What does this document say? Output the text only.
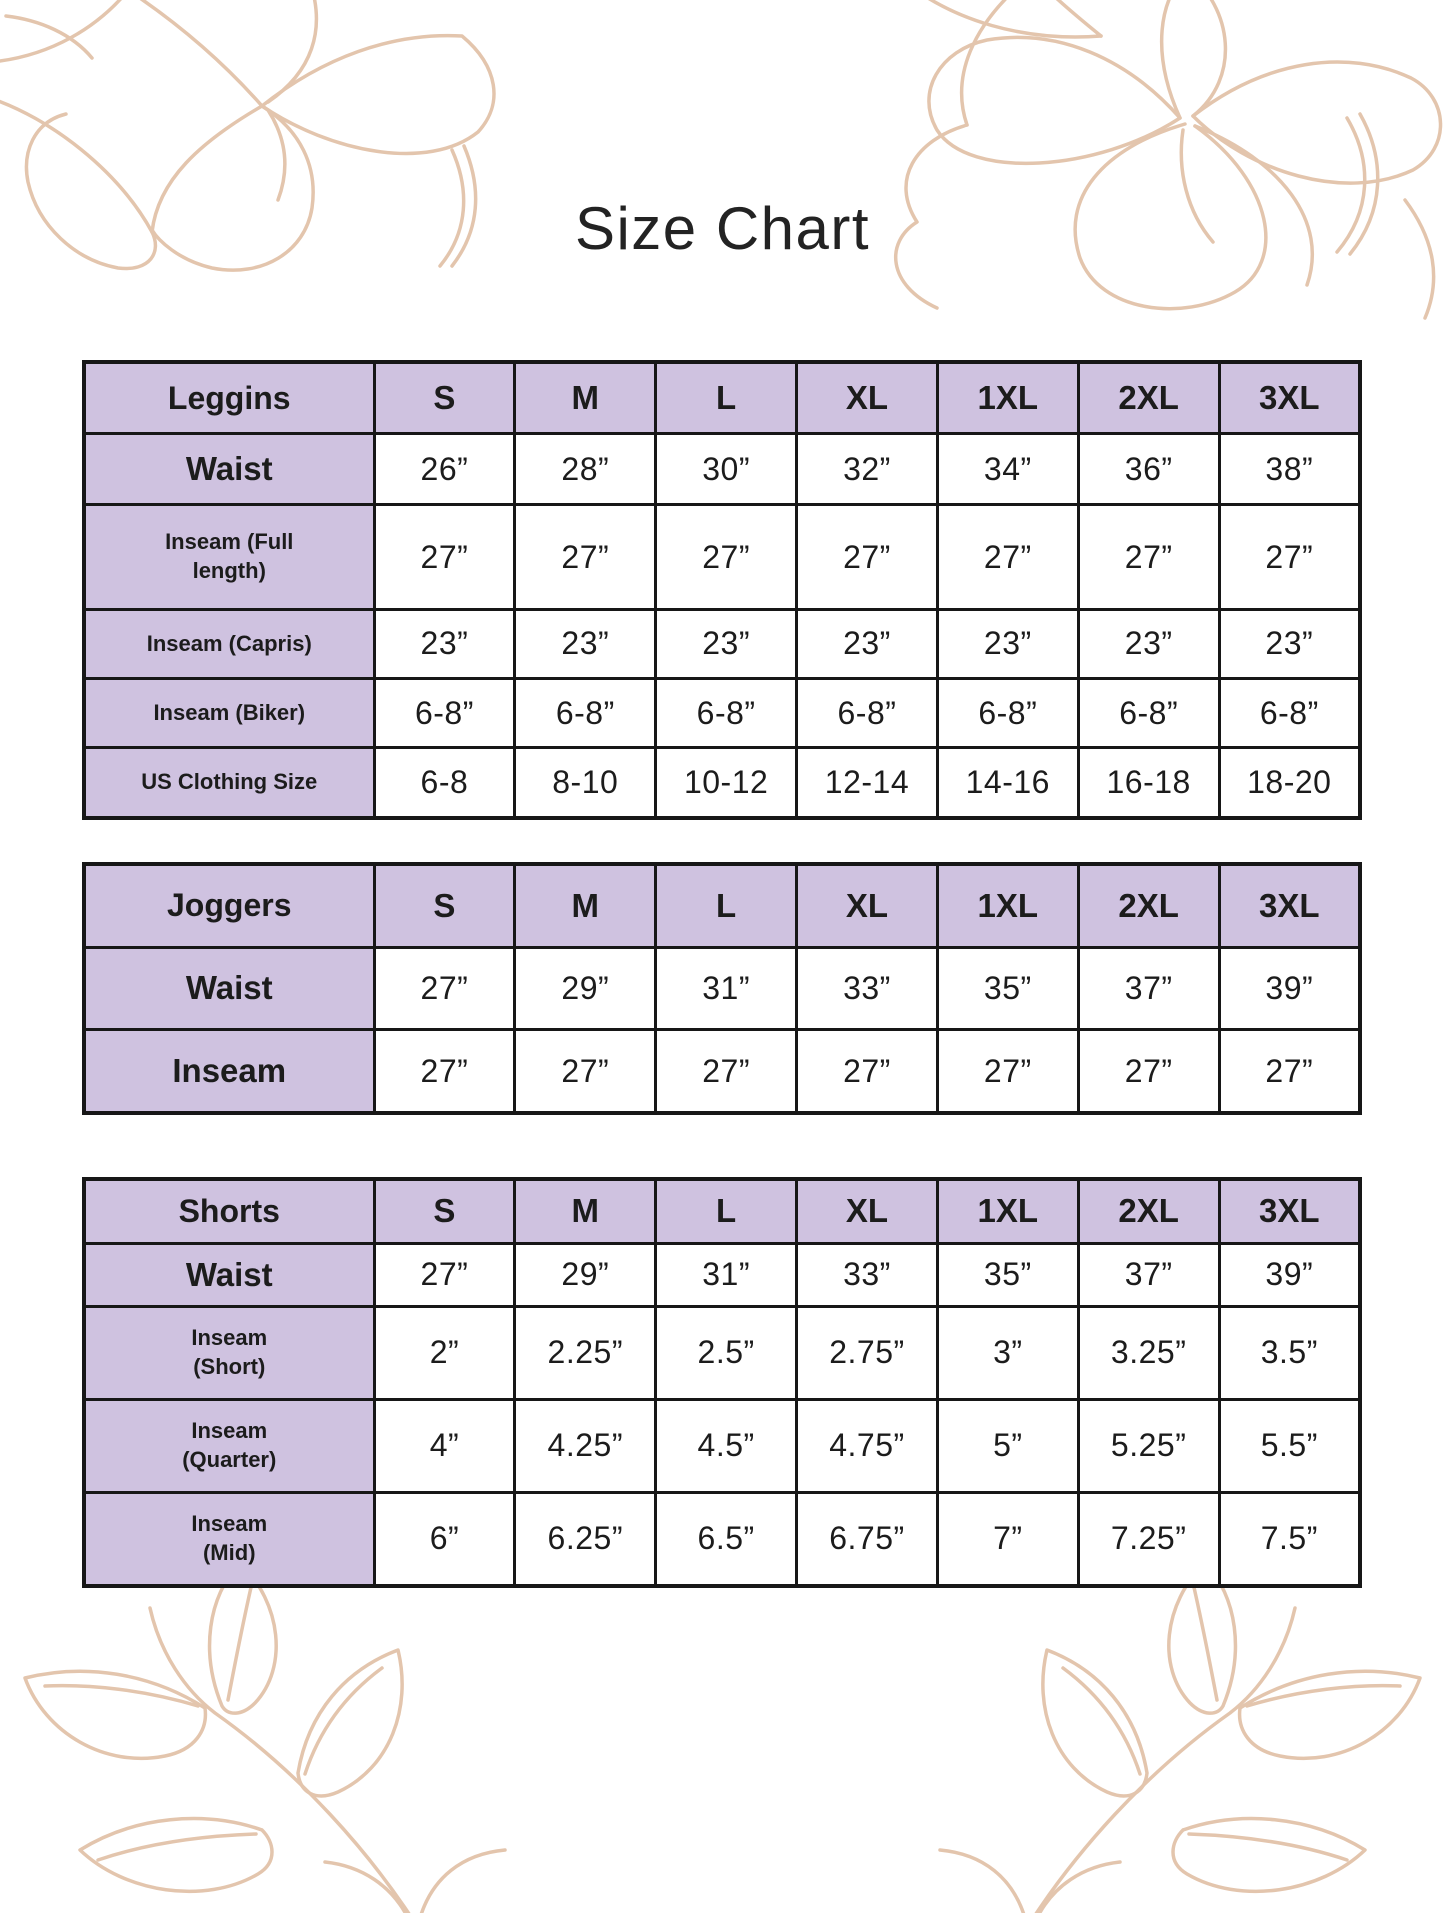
Size Chart
Leggins	S	M	L	XL	1XL	2XL	3XL
Waist	26”	28”	30”	32”	34”	36”	38”
Inseam (Full
length)	27”	27”	27”	27”	27”	27”	27”
Inseam (Capris)	23”	23”	23”	23”	23”	23”	23”
Inseam (Biker)	6-8”	6-8”	6-8”	6-8”	6-8”	6-8”	6-8”
US Clothing Size	6-8	8-10	10-12	12-14	14-16	16-18	18-20
Joggers	S	M	L	XL	1XL	2XL	3XL
Waist	27”	29”	31”	33”	35”	37”	39”
Inseam	27”	27”	27”	27”	27”	27”	27”
Shorts	S	M	L	XL	1XL	2XL	3XL
Waist	27”	29”	31”	33”	35”	37”	39”
Inseam
(Short)	2”	2.25”	2.5”	2.75”	3”	3.25”	3.5”
Inseam
(Quarter)	4”	4.25”	4.5”	4.75”	5”	5.25”	5.5”
Inseam
(Mid)	6”	6.25”	6.5”	6.75”	7”	7.25”	7.5”
